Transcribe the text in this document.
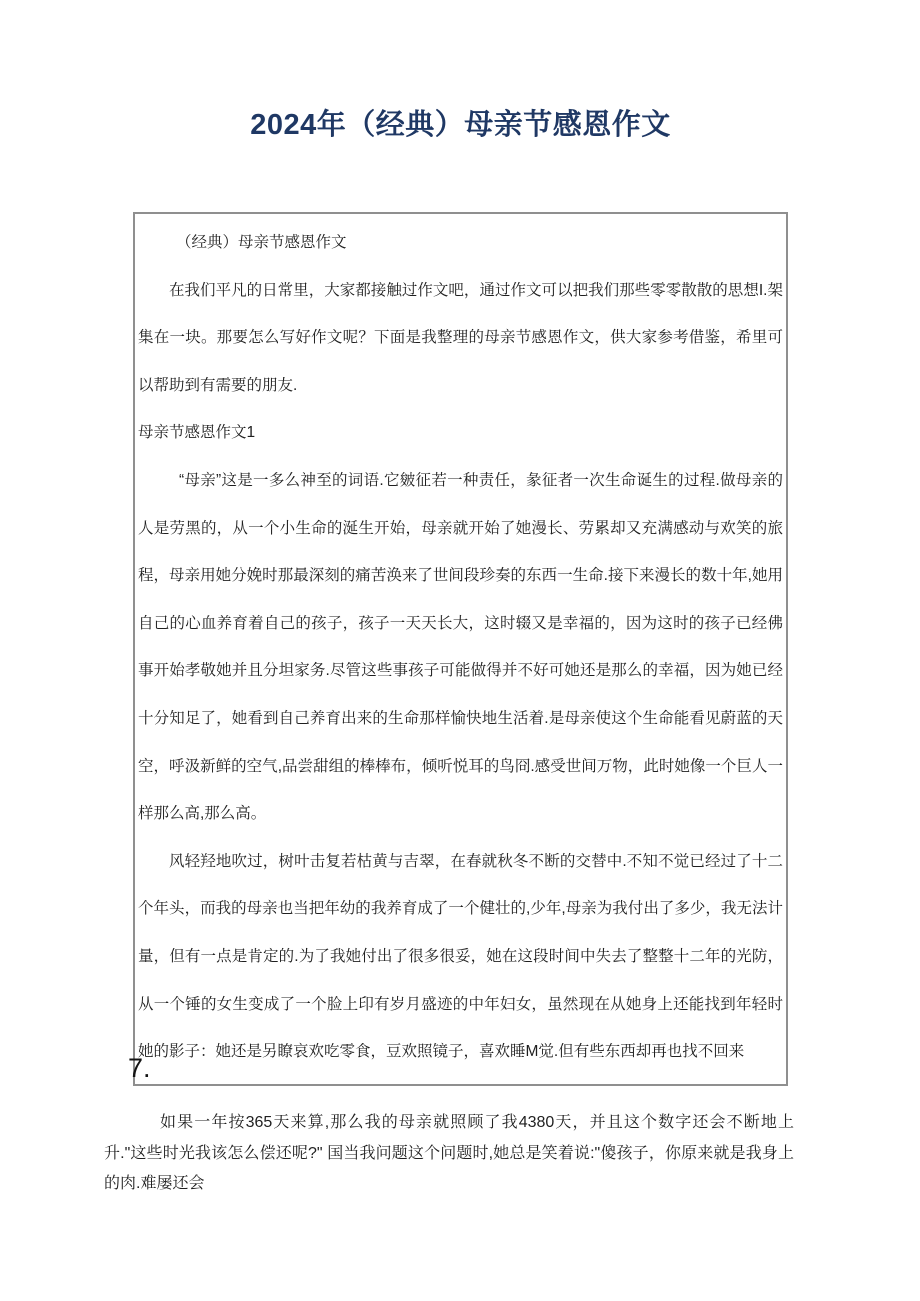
2024年（经典）母亲节感恩作文

（经典）母亲节感恩作文

在我们平凡的日常里，大家都接触过作文吧，通过作文可以把我们那些零零散散的思想I.架集在一块。那要怎么写好作文呢？下面是我整理的母亲节感恩作文，供大家参考借鉴，希里可以帮助到有需要的朋友.

母亲节感恩作文1

“母亲”这是一多么神至的词语.它皴征若一种责任，彖征者一次生命诞生的过程.做母亲的人是劳黑的，从一个小生命的涎生开始，母亲就开始了她漫长、劳累却又充满感动与欢笑的旅程，母亲用她分娩时那最深刻的痛苦涣来了世间段珍奏的东西一生命.接下来漫长的数十年,她用自己的心血养育着自己的孩子，孩子一天天长大，这时辍又是幸福的，因为这时的孩子已经佛事开始孝敬她并且分坦家务.尽管这些事孩子可能做得并不好可她还是那么的幸福，因为她已经十分知足了，她看到自己养育出来的生命那样愉快地生活着.是母亲使这个生命能看见蔚蓝的天空，呼汲新鲜的空气,品尝甜组的棒棒布，倾听悦耳的鸟冏.感受世间万物，此时她像一个巨人一样那么高,那么高。

风轻羟地吹过，树叶击复若枯黄与吉翠，在春就秋冬不断的交替中.不知不觉已经过了十二个年头，而我的母亲也当把年幼的我养育成了一个健壮的,少年,母亲为我付出了多少，我无法计量，但有一点是肯定的.为了我她付出了很多很妥，她在这段时间中失去了整整十二年的光防，从一个锤的女生变成了一个脸上印有岁月盛迹的中年妇女，虽然现在从她身上还能找到年轻时她的影子：她还是另瞭哀欢吃零食，豆欢照镜子，喜欢睡M觉.但有些东西却再也找不回来

7.

如果一年按365天来算,那么我的母亲就照顾了我4380天，并且这个数字还会不断地上升."这些时光我该怎么偿还呢?" 国当我问题这个问题时,她总是笑着说:"傻孩子，你原来就是我身上的肉.难屡还会
